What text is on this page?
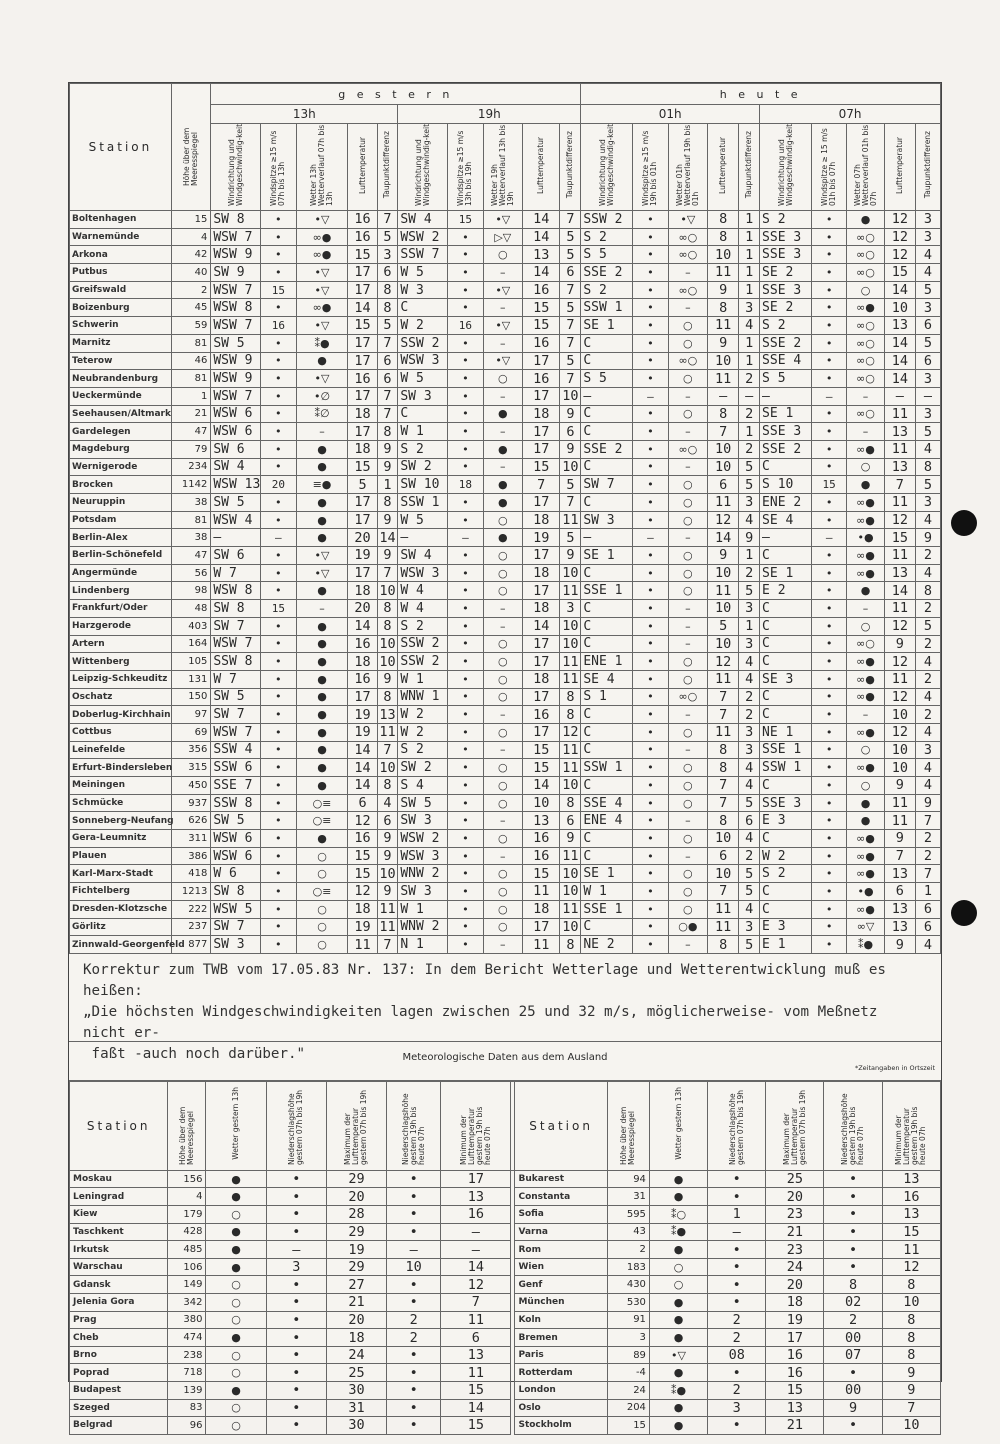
Station	Höhe über dem Meeresspiegel	g e s t e r n										h e u t e									
		13h					19h					01h					07h				
		Windrichtung und Windgeschwindig-keit	Windspitze ≥15 m/s 07h bis 13h	Wetter 13h Wetterverlauf 07h bis 13h	Lufttemperatur	Taupunktdifferenz	Windrichtung und Windgeschwindig-keit	Windspitze ≥15 m/s 13h bis 19h	Wetter 19h Wetterverlauf 13h bis 19h	Lufttemperatur	Taupunktdifferenz	Windrichtung und Windgeschwindig-keit	Windspitze ≥15 m/s 19h bis 01h	Wetter 01h Wetterverlauf 19h bis 01h	Lufttemperatur	Taupunktdifferenz	Windrichtung und Windgeschwindig-keit	Windspitze ≥ 15 m/s 01h bis 07h	Wetter 07h Wetterverlauf 01h bis 07h	Lufttemperatur	Taupunktdifferenz
Boltenhagen	15	SW 8	•	•▽	16	7	SW 4	15	•▽	14	7	SSW 2	•	•▽	8	1	S 2	•	●	12	3
Warnemünde	4	WSW 7	•	∞●	16	5	WSW 2	•	▷▽	14	5	S 2	•	∞○	8	1	SSE 3	•	∞○	12	3
Arkona	42	WSW 9	•	∞●	15	3	SSW 7	•	○	13	5	S 5	•	∞○	10	1	SSE 3	•	∞○	12	4
Putbus	40	SW 9	•	•▽	17	6	W 5	•	–	14	6	SSE 2	•	–	11	1	SE 2	•	∞○	15	4
Greifswald	2	WSW 7	15	•▽	17	8	W 3	•	•▽	16	7	S 2	•	∞○	9	1	SSE 3	•	○	14	5
Boizenburg	45	WSW 8	•	∞●	14	8	C	•	–	15	5	SSW 1	•	–	8	3	SE 2	•	∞●	10	3
Schwerin	59	WSW 7	16	•▽	15	5	W 2	16	•▽	15	7	SE 1	•	○	11	4	S 2	•	∞○	13	6
Marnitz	81	SW 5	•	⁑●	17	7	SSW 2	•	–	16	7	C	•	○	9	1	SSE 2	•	∞○	14	5
Teterow	46	WSW 9	•	●	17	6	WSW 3	•	•▽	17	5	C	•	∞○	10	1	SSE 4	•	∞○	14	6
Neubrandenburg	81	WSW 9	•	•▽	16	6	W 5	•	○	16	7	S 5	•	○	11	2	S 5	•	∞○	14	3
Ueckermünde	1	WSW 7	•	•∅	17	7	SW 3	•	–	17	10	–	–	–	–	–	–	–	–	–	–
Seehausen/Altmark	21	WSW 6	•	⁑∅	18	7	C	•	●	18	9	C	•	○	8	2	SE 1	•	∞○	11	3
Gardelegen	47	WSW 6	•	–	17	8	W 1	•	–	17	6	C	•	–	7	1	SSE 3	•	–	13	5
Magdeburg	79	SW 6	•	●	18	9	S 2	•	●	17	9	SSE 2	•	∞○	10	2	SSE 2	•	∞●	11	4
Wernigerode	234	SW 4	•	●	15	9	SW 2	•	–	15	10	C	•	–	10	5	C	•	○	13	8
Brocken	1142	WSW 13	20	≡●	5	1	SW 10	18	●	7	5	SW 7	•	○	6	5	S 10	15	●	7	5
Neuruppin	38	SW 5	•	●	17	8	SSW 1	•	●	17	7	C	•	○	11	3	ENE 2	•	∞●	11	3
Potsdam	81	WSW 4	•	●	17	9	W 5	•	○	18	11	SW 3	•	○	12	4	SE 4	•	∞●	12	4
Berlin-Alex	38	–	–	●	20	14	–	–	●	19	5	–	–	–	14	9	–	–	•●	15	9
Berlin-Schönefeld	47	SW 6	•	•▽	19	9	SW 4	•	○	17	9	SE 1	•	○	9	1	C	•	∞●	11	2
Angermünde	56	W 7	•	•▽	17	7	WSW 3	•	○	18	10	C	•	○	10	2	SE 1	•	∞●	13	4
Lindenberg	98	WSW 8	•	●	18	10	W 4	•	○	17	11	SSE 1	•	○	11	5	E 2	•	●	14	8
Frankfurt/Oder	48	SW 8	15	–	20	8	W 4	•	–	18	3	C	•	–	10	3	C	•	–	11	2
Harzgerode	403	SW 7	•	●	14	8	S 2	•	–	14	10	C	•	–	5	1	C	•	○	12	5
Artern	164	WSW 7	•	●	16	10	SSW 2	•	○	17	10	C	•	–	10	3	C	•	∞○	9	2
Wittenberg	105	SSW 8	•	●	18	10	SSW 2	•	○	17	11	ENE 1	•	○	12	4	C	•	∞●	12	4
Leipzig-Schkeuditz	131	W 7	•	●	16	9	W 1	•	○	18	11	SE 4	•	○	11	4	SE 3	•	∞●	11	2
Oschatz	150	SW 5	•	●	17	8	WNW 1	•	○	17	8	S 1	•	∞○	7	2	C	•	∞●	12	4
Doberlug-Kirchhain	97	SW 7	•	●	19	13	W 2	•	–	16	8	C	•	–	7	2	C	•	–	10	2
Cottbus	69	WSW 7	•	●	19	11	W 2	•	○	17	12	C	•	○	11	3	NE 1	•	∞●	12	4
Leinefelde	356	SSW 4	•	●	14	7	S 2	•	–	15	11	C	•	–	8	3	SSE 1	•	○	10	3
Erfurt-Bindersleben	315	SSW 6	•	●	14	10	SW 2	•	○	15	11	SSW 1	•	○	8	4	SSW 1	•	∞●	10	4
Meiningen	450	SSE 7	•	●	14	8	S 4	•	○	14	10	C	•	○	7	4	C	•	○	9	4
Schmücke	937	SSW 8	•	○≡	6	4	SW 5	•	○	10	8	SSE 4	•	○	7	5	SSE 3	•	●	11	9
Sonneberg-Neufang	626	SW 5	•	○≡	12	6	SW 3	•	–	13	6	ENE 4	•	–	8	6	E 3	•	●	11	7
Gera-Leumnitz	311	WSW 6	•	●	16	9	WSW 2	•	○	16	9	C	•	○	10	4	C	•	∞●	9	2
Plauen	386	WSW 6	•	○	15	9	WSW 3	•	–	16	11	C	•	–	6	2	W 2	•	∞●	7	2
Karl-Marx-Stadt	418	W 6	•	○	15	10	WNW 2	•	○	15	10	SE 1	•	○	10	5	S 2	•	∞●	13	7
Fichtelberg	1213	SW 8	•	○≡	12	9	SW 3	•	○	11	10	W 1	•	○	7	5	C	•	•●	6	1
Dresden-Klotzsche	222	WSW 5	•	○	18	11	W 1	•	○	18	11	SSE 1	•	○	11	4	C	•	∞●	13	6
Görlitz	237	SW 7	•	○	19	11	WNW 2	•	○	17	10	C	•	○●	11	3	E 3	•	∞▽	13	6
Zinnwald-Georgenfeld	877	SW 3	•	○	11	7	N 1	•	–	11	8	NE 2	•	–	8	5	E 1	•	⁑●	9	4
Korrektur zum TWB vom 17.05.83 Nr. 137: In dem Bericht Wetterlage und Wetterentwicklung muß es heißen:
„Die höchsten Windgeschwindigkeiten lagen zwischen 25 und 32 m/s, möglicherweise- vom Meßnetz nicht er-
faßt -auch noch darüber."	Meteorologische Daten aus dem Ausland
*Zeitangaben in Ortszeit
Station	Höhe über dem Meeresspiegel	Wetter gestern 13h	Niederschlagshöhe gestern 07h bis 19h	Maximum der Lufttemperatur gestern 07h bis 19h	Niederschlagshöhe gestern 19h bis heute 07h	Minimum der Lufttemperatur gestern 19h bis heute 07h		Station	Höhe über dem Meeresspiegel	Wetter gestern 13h	Niederschlagshöhe gestern 07h bis 19h	Maximum der Lufttemperatur gestern 07h bis 19h	Niederschlagshöhe gestern 19h bis heute 07h	Minimum der Lufttemperatur gestern 19h bis heute 07h
Moskau	156	●	•	29	•	17		Bukarest	94	●	•	25	•	13
Leningrad	4	●	•	20	•	13		Constanta	31	●	•	20	•	16
Kiew	179	○	•	28	•	16		Sofia	595	⁑○	1	23	•	13
Taschkent	428	●	•	29	•	–		Varna	43	⁑●	–	21	•	15
Irkutsk	485	●	–	19	–	–		Rom	2	●	•	23	•	11
Warschau	106	●	3	29	10	14		Wien	183	○	•	24	•	12
Gdansk	149	○	•	27	•	12		Genf	430	○	•	20	8	8
Jelenia Gora	342	○	•	21	•	7		München	530	●	•	18	02	10
Prag	380	○	•	20	2	11		Koln	91	●	2	19	2	8
Cheb	474	●	•	18	2	6		Bremen	3	●	2	17	00	8
Brno	238	○	•	24	•	13		Paris	89	•▽	08	16	07	8
Poprad	718	○	•	25	•	11		Rotterdam	-4	●	•	16	•	9
Budapest	139	●	•	30	•	15		London	24	⁑●	2	15	00	9
Szeged	83	○	•	31	•	14		Oslo	204	●	3	13	9	7
Belgrad	96	○	•	30	•	15		Stockholm	15	●	•	21	•	10
